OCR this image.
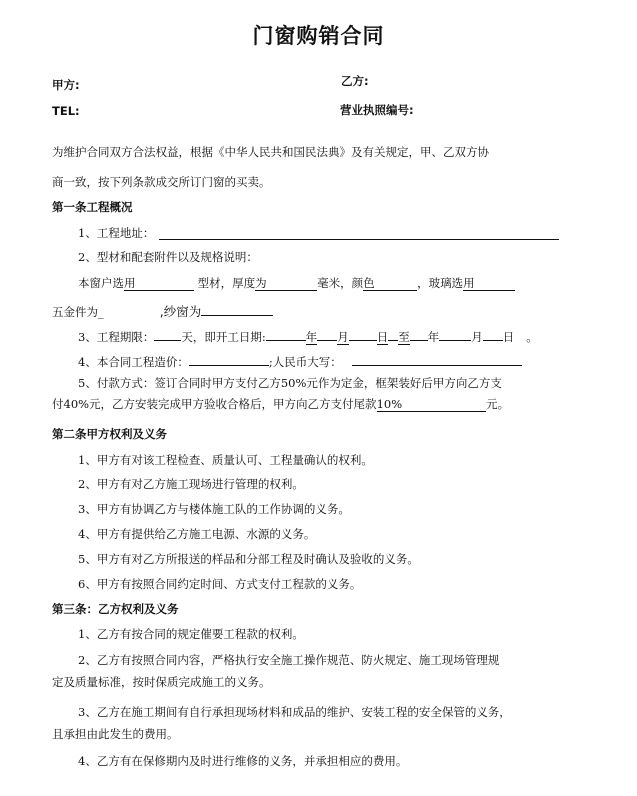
门窗购销合同
甲方:	乙方:
TEL:	营业执照编号:
为维护合同双方合法权益，根据《中华人民共和国民法典》及有关规定，甲、乙双方协
商一致，按下列条款成交所订门窗的买卖。
第一条工程概况
1、工程地址：
2、型材和配套附件以及规格说明：
本窗户选用	型材，厚度为	毫米，颜色	，玻璃选用
五金件为_	,纱窗为
3、工程期限： 天，即开工日期:	年 月 日 至 年	月 日 。
4、本合同工程造价：	;人民币大写：
5、付款方式：签订合同时甲方支付乙方50%元作为定金，框架装好后甲方向乙方支
付40%元，乙方安装完成甲方验收合格后，甲方向乙方支付尾款10%	元。
第二条甲方权利及义务
1、甲方有对该工程检查、质量认可、工程量确认的权利。
2、甲方有对乙方施工现场进行管理的权利。
3、甲方有协调乙方与楼体施工队的工作协调的义务。
4、甲方有提供给乙方施工电源、水源的义务。
5、甲方有对乙方所报送的样品和分部工程及时确认及验收的义务。
6、甲方有按照合同约定时间、方式支付工程款的义务。
第三条：乙方权利及义务
1、乙方有按合同的规定催要工程款的权利。
2、乙方有按照合同内容，严格执行安全施工操作规范、防火规定、施工现场管理规
定及质量标准，按时保质完成施工的义务。
3、乙方在施工期间有自行承担现场材料和成品的维护、安装工程的安全保管的义务，
且承担由此发生的费用。
4、乙方有在保修期内及时进行维修的义务，并承担相应的费用。
